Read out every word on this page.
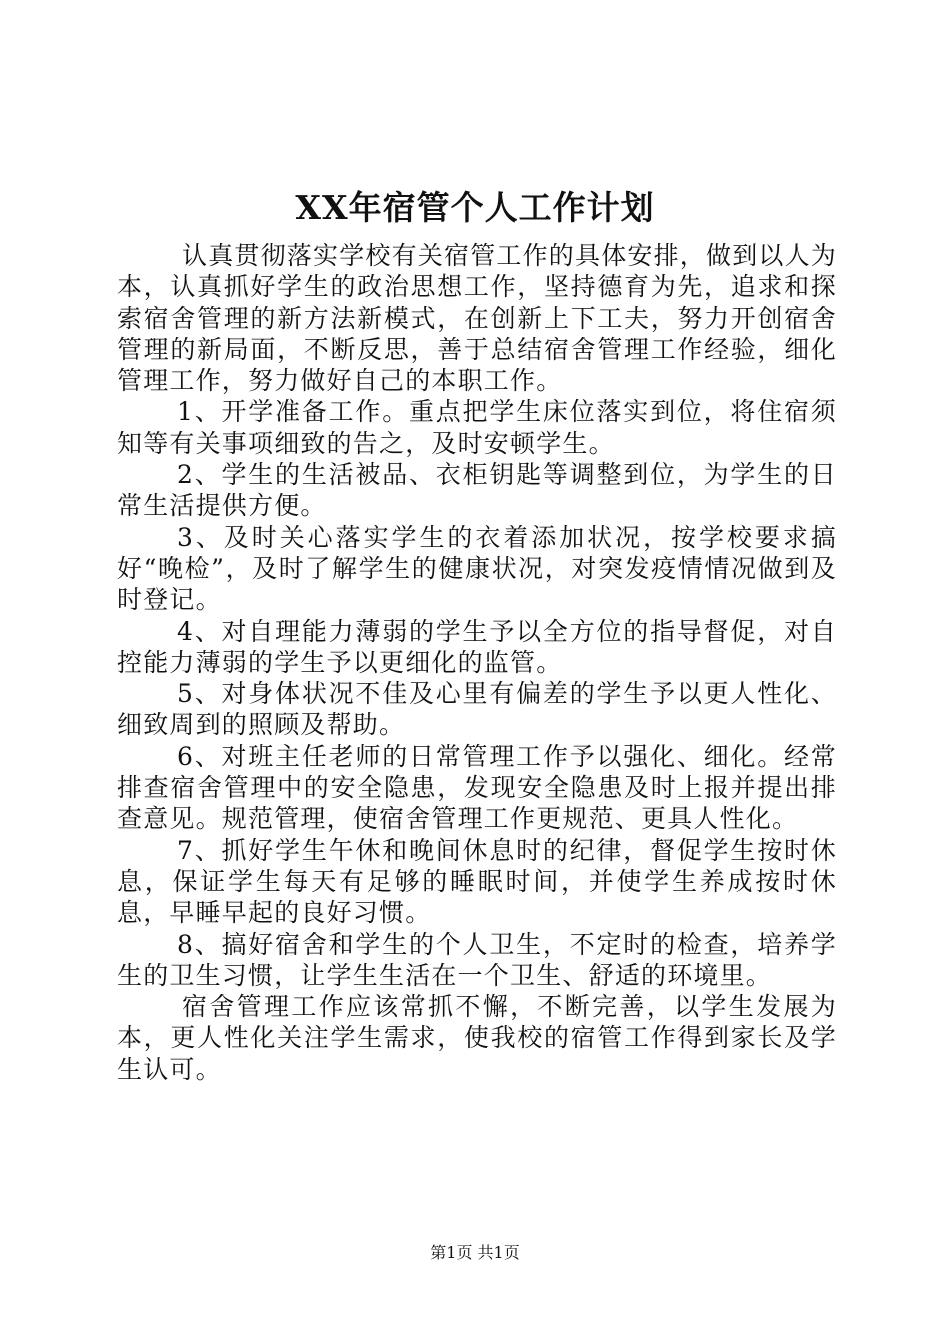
XX年宿管个人工作计划

认真贯彻落实学校有关宿管工作的具体安排，做到以人为本，认真抓好学生的政治思想工作，坚持德育为先，追求和探索宿舍管理的新方法新模式，在创新上下工夫，努力开创宿舍管理的新局面，不断反思，善于总结宿舍管理工作经验，细化管理工作，努力做好自己的本职工作。

1、开学准备工作。重点把学生床位落实到位，将住宿须知等有关事项细致的告之，及时安顿学生。

2、学生的生活被品、衣柜钥匙等调整到位，为学生的日常生活提供方便。

3、及时关心落实学生的衣着添加状况，按学校要求搞好“晚检”，及时了解学生的健康状况，对突发疫情情况做到及时登记。

4、对自理能力薄弱的学生予以全方位的指导督促，对自控能力薄弱的学生予以更细化的监管。

5、对身体状况不佳及心里有偏差的学生予以更人性化、细致周到的照顾及帮助。

6、对班主任老师的日常管理工作予以强化、细化。经常排查宿舍管理中的安全隐患，发现安全隐患及时上报并提出排查意见。规范管理，使宿舍管理工作更规范、更具人性化。

7、抓好学生午休和晚间休息时的纪律，督促学生按时休息，保证学生每天有足够的睡眠时间，并使学生养成按时休息，早睡早起的良好习惯。

8、搞好宿舍和学生的个人卫生，不定时的检查，培养学生的卫生习惯，让学生生活在一个卫生、舒适的环境里。

宿舍管理工作应该常抓不懈，不断完善，以学生发展为本，更人性化关注学生需求，使我校的宿管工作得到家长及学生认可。

第1页 共1页
